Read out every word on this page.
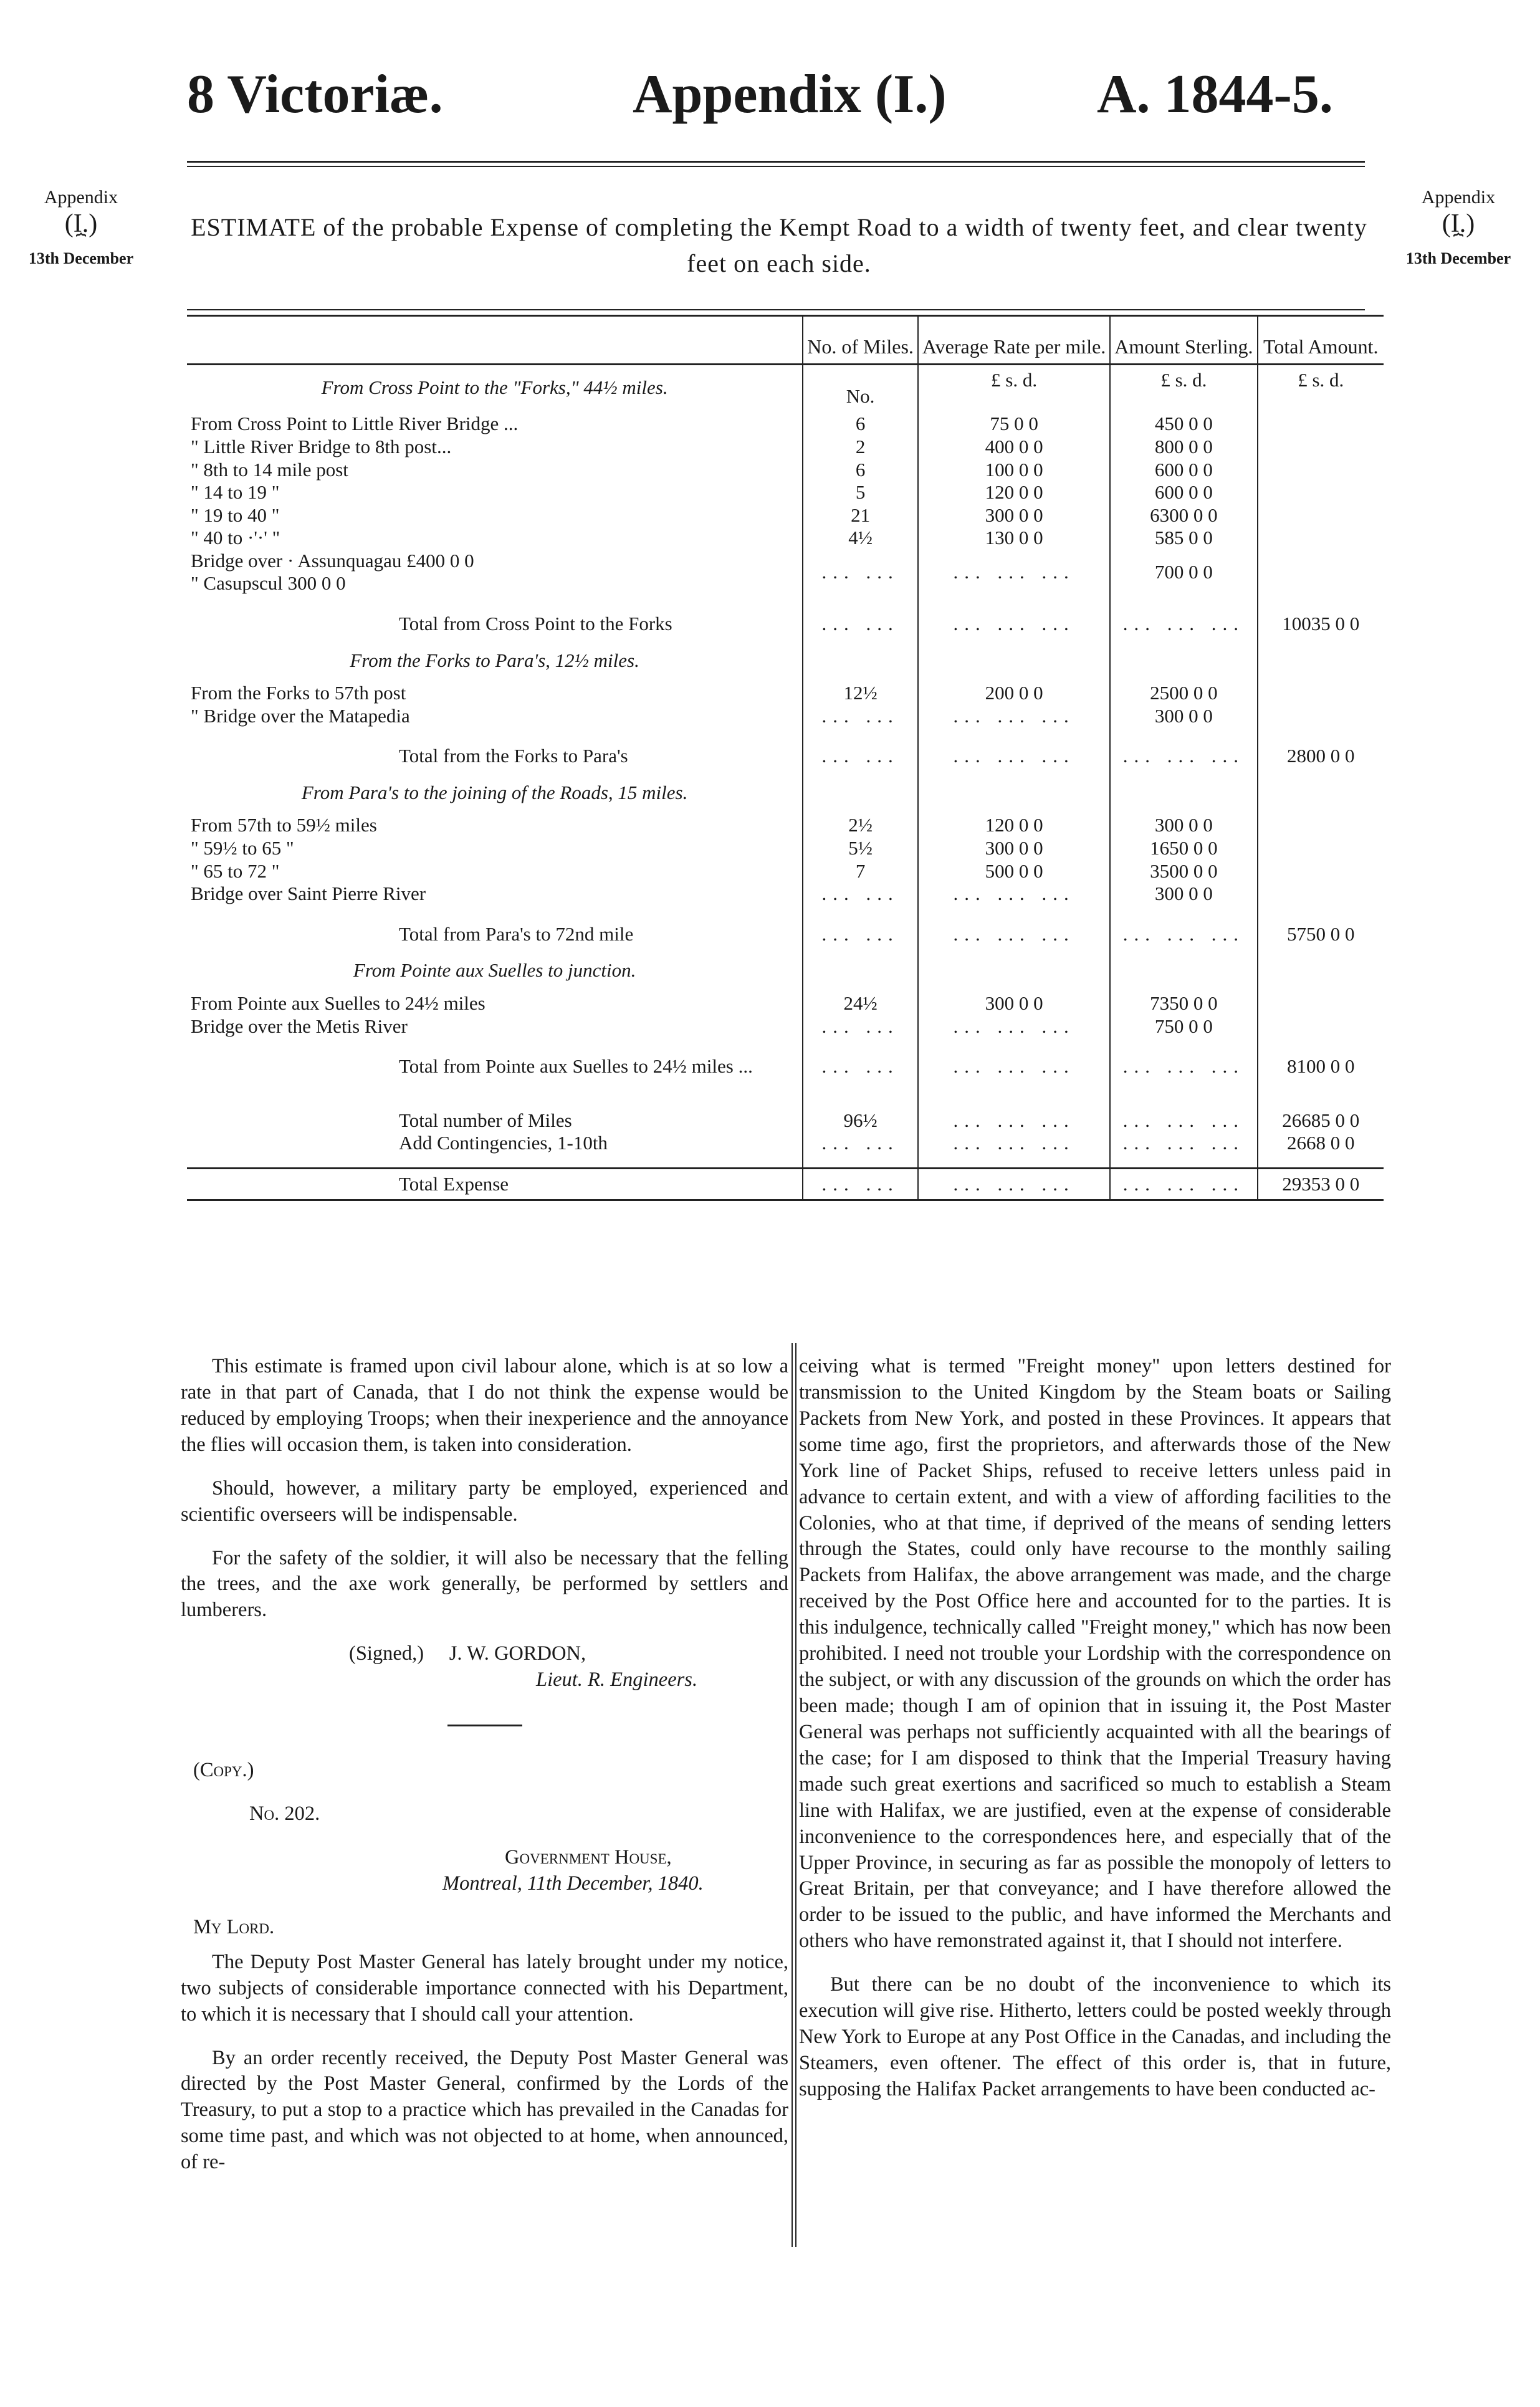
8 Victoriæ.	Appendix (I.)	A. 1844-5.
Appendix
(I.)
⏞
13th December
Appendix
(I.)
⏞
13th December
ESTIMATE of the probable Expense of completing the Kempt Road to a width of twenty feet, and clear twenty feet on each side.
	No. of Miles.	Average Rate per mile.	Amount Sterling.	Total Amount.
From Cross Point to the "Forks," 44½ miles.	No.	£ s. d.	£ s. d.	£ s. d.
From Cross Point to Little River Bridge ...	6	75 0 0	450 0 0	
" Little River Bridge to 8th post...	2	400 0 0	800 0 0	
" 8th to 14 mile post	6	100 0 0	600 0 0	
" 14 to 19 "	5	120 0 0	600 0 0	
" 19 to 40 "	21	300 0 0	6300 0 0	
" 40 to ·'·' "	4½	130 0 0	585 0 0	

Bridge over · Assunquagau £400 0 0
" Casupscul 300 0 0	... ...	... ... ...	700 0 0	
Total from Cross Point to the Forks	... ...	... ... ...	... ... ...	10035 0 0
From the Forks to Para's, 12½ miles.				
From the Forks to 57th post	12½	200 0 0	2500 0 0	
" Bridge over the Matapedia	... ...	... ... ...	300 0 0	
Total from the Forks to Para's	... ...	... ... ...	... ... ...	2800 0 0
From Para's to the joining of the Roads, 15 miles.				
From 57th to 59½ miles	2½	120 0 0	300 0 0	
" 59½ to 65 "	5½	300 0 0	1650 0 0	
" 65 to 72 "	7	500 0 0	3500 0 0	
Bridge over Saint Pierre River	... ...	... ... ...	300 0 0	
Total from Para's to 72nd mile	... ...	... ... ...	... ... ...	5750 0 0
From Pointe aux Suelles to junction.				
From Pointe aux Suelles to 24½ miles	24½	300 0 0	7350 0 0	
Bridge over the Metis River	... ...	... ... ...	750 0 0	
Total from Pointe aux Suelles to 24½ miles ...	... ...	... ... ...	... ... ...	8100 0 0
Total number of Miles	96½	... ... ...	... ... ...	26685 0 0
Add Contingencies, 1-10th	... ...	... ... ...	... ... ...	2668 0 0
Total Expense	... ...	... ... ...	... ... ...	29353 0 0

This estimate is framed upon civil labour alone, which is at so low a rate in that part of Canada, that I do not think the expense would be reduced by employing Troops; when their inexperience and the annoyance the flies will occasion them, is taken into consideration.

Should, however, a military party be employed, experienced and scientific overseers will be indispensable.

For the safety of the soldier, it will also be necessary that the felling the trees, and the axe work generally, be performed by settlers and lumberers.

(Signed,) J. W. GORDON,
Lieut. R. Engineers.
(Copy.)
No. 202.
Government House,
Montreal, 11th December, 1840.
My Lord.

The Deputy Post Master General has lately brought under my notice, two subjects of considerable importance connected with his Department, to which it is necessary that I should call your attention.

By an order recently received, the Deputy Post Master General was directed by the Post Master General, confirmed by the Lords of the Treasury, to put a stop to a practice which has prevailed in the Canadas for some time past, and which was not objected to at home, when announced, of re-

ceiving what is termed "Freight money" upon letters destined for transmission to the United Kingdom by the Steam boats or Sailing Packets from New York, and posted in these Provinces. It appears that some time ago, first the proprietors, and afterwards those of the New York line of Packet Ships, refused to receive letters unless paid in advance to certain extent, and with a view of affording facilities to the Colonies, who at that time, if deprived of the means of sending letters through the States, could only have recourse to the monthly sailing Packets from Halifax, the above arrangement was made, and the charge received by the Post Office here and accounted for to the parties. It is this indulgence, technically called "Freight money," which has now been prohibited. I need not trouble your Lordship with the correspondence on the subject, or with any discussion of the grounds on which the order has been made; though I am of opinion that in issuing it, the Post Master General was perhaps not sufficiently acquainted with all the bearings of the case; for I am disposed to think that the Imperial Treasury having made such great exertions and sacrificed so much to establish a Steam line with Halifax, we are justified, even at the expense of considerable inconvenience to the correspondences here, and especially that of the Upper Province, in securing as far as possible the monopoly of letters to Great Britain, per that conveyance; and I have therefore allowed the order to be issued to the public, and have informed the Merchants and others who have remonstrated against it, that I should not interfere.

But there can be no doubt of the inconvenience to which its execution will give rise. Hitherto, letters could be posted weekly through New York to Europe at any Post Office in the Canadas, and including the Steamers, even oftener. The effect of this order is, that in future, supposing the Halifax Packet arrangements to have been conducted ac-
